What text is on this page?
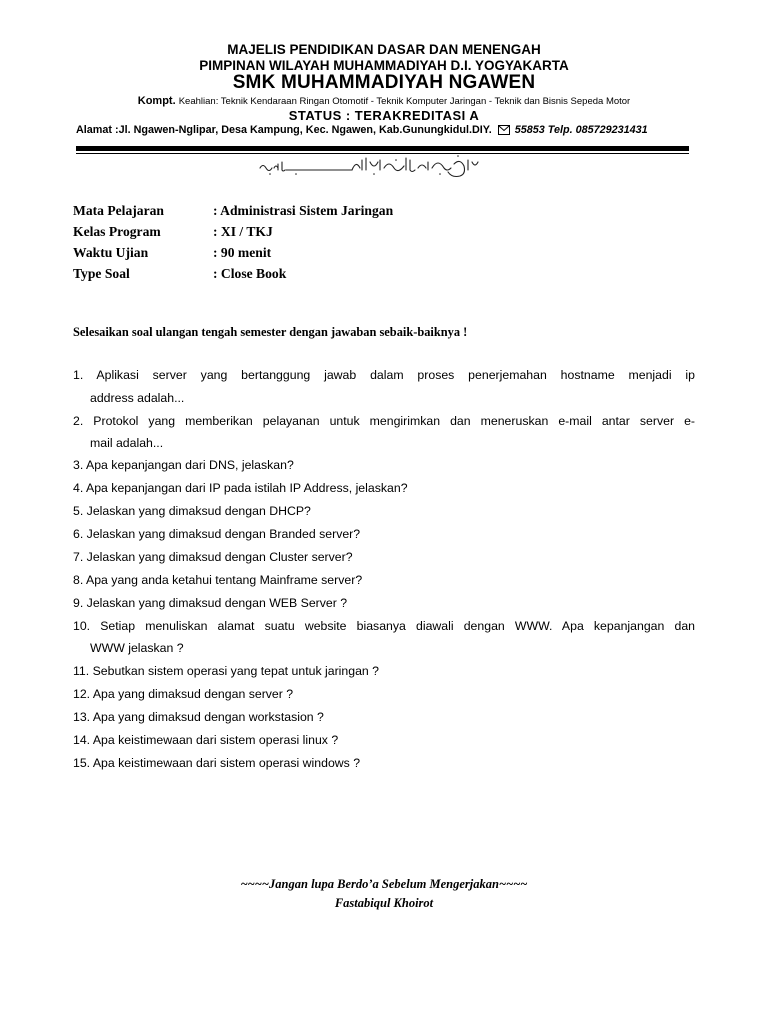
MAJELIS PENDIDIKAN DASAR DAN MENENGAH
PIMPINAN WILAYAH MUHAMMADIYAH D.I. YOGYAKARTA
SMK MUHAMMADIYAH NGAWEN
Kompt. Keahlian: Teknik Kendaraan Ringan Otomotif - Teknik Komputer Jaringan - Teknik dan Bisnis Sepeda Motor
STATUS : TERAKREDITASI A
Alamat :Jl. Ngawen-Nglipar, Desa Kampung, Kec. Ngawen, Kab.Gunungkidul.DIY. 55853 Telp. 085729231431
Mata Pelajaran	: Administrasi Sistem Jaringan
Kelas Program	: XI / TKJ
Waktu Ujian	: 90 menit
Type Soal	: Close Book
Selesaikan soal ulangan tengah semester dengan jawaban sebaik-baiknya !
1. Aplikasi server yang bertanggung jawab dalam proses penerjemahan hostname menjadi ip
address adalah...
2. Protokol yang memberikan pelayanan untuk mengirimkan dan meneruskan e-mail antar server e-
mail adalah...
3. Apa kepanjangan dari DNS, jelaskan?
4. Apa kepanjangan dari IP pada istilah IP Address, jelaskan?
5. Jelaskan yang dimaksud dengan DHCP?
6. Jelaskan yang dimaksud dengan Branded server?
7. Jelaskan yang dimaksud dengan Cluster server?
8. Apa yang anda ketahui tentang Mainframe server?
9. Jelaskan yang dimaksud dengan WEB Server ?
10. Setiap menuliskan alamat suatu website biasanya diawali dengan WWW. Apa kepanjangan dan
WWW jelaskan ?
11. Sebutkan sistem operasi yang tepat untuk jaringan ?
12. Apa yang dimaksud dengan server ?
13. Apa yang dimaksud dengan workstasion ?
14. Apa keistimewaan dari sistem operasi linux ?
15. Apa keistimewaan dari sistem operasi windows ?
~~~~Jangan lupa Berdo’a Sebelum Mengerjakan~~~~
Fastabiqul Khoirot
